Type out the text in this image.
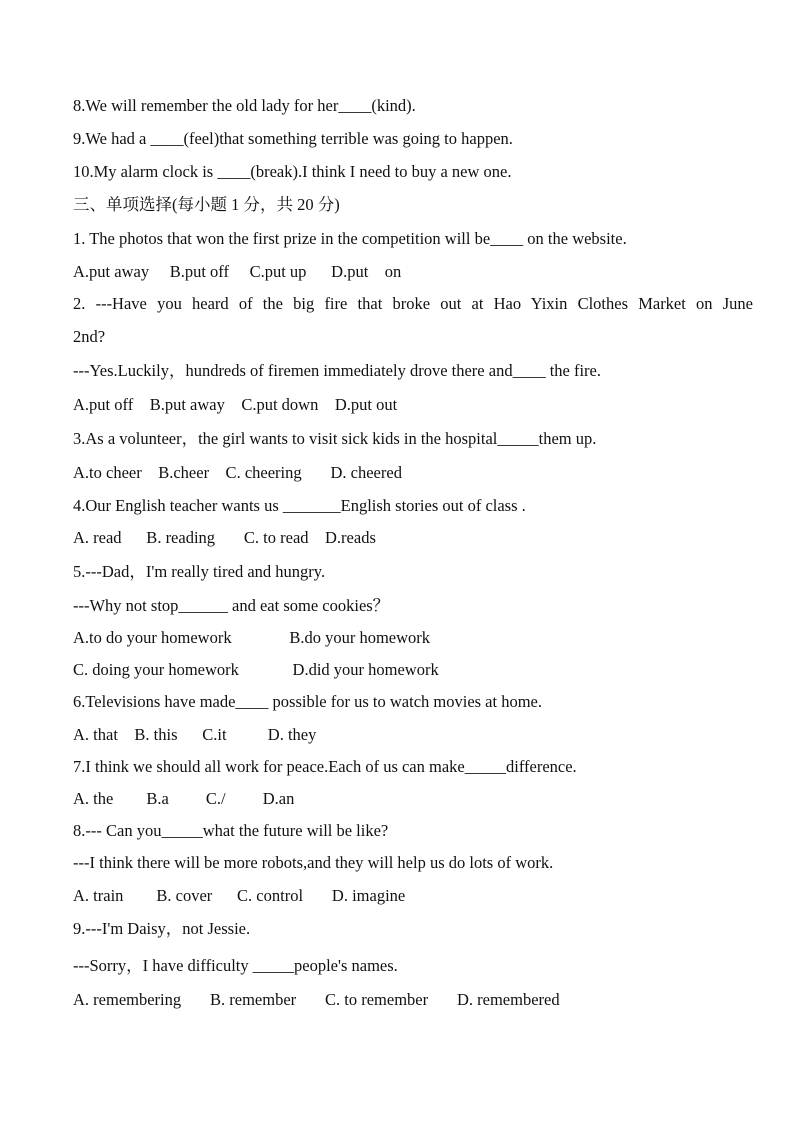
8.We will remember the old lady for her____(kind).
9.We had a ____(feel)that something terrible was going to happen.
10.My alarm clock is ____(break).I think I need to buy a new one.
三、单项选择(每小题 1 分，共 20 分)
1. The photos that won the first prize in the competition will be____ on the website.
A.put away     B.put off     C.put up      D.put    on
2. ---Have you heard of the big fire that broke out at Hao Yixin Clothes Market on June
2nd?
---Yes.Luckily，hundreds of firemen immediately drove there and____ the fire.
A.put off    B.put away    C.put down    D.put out
3.As a volunteer，the girl wants to visit sick kids in the hospital_____them up.
A.to cheer    B.cheer    C. cheering       D. cheered
4.Our English teacher wants us _______English stories out of class .
A. read      B. reading       C. to read    D.reads
5.---Dad，I'm really tired and hungry.
---Why not stop______ and eat some cookies？
A.to do your homework              B.do your homework
C. doing your homework             D.did your homework
6.Televisions have made____ possible for us to watch movies at home.
A. that    B. this      C.it          D. they
7.I think we should all work for peace.Each of us can make_____difference.
A. the        B.a         C./         D.an
8.--- Can you_____what the future will be like?
---I think there will be more robots,and they will help us do lots of work.
A. train        B. cover      C. control       D. imagine
9.---I'm Daisy，not Jessie.
---Sorry，I have difficulty _____people's names.
A. remembering       B. remember       C. to remember       D. remembered
